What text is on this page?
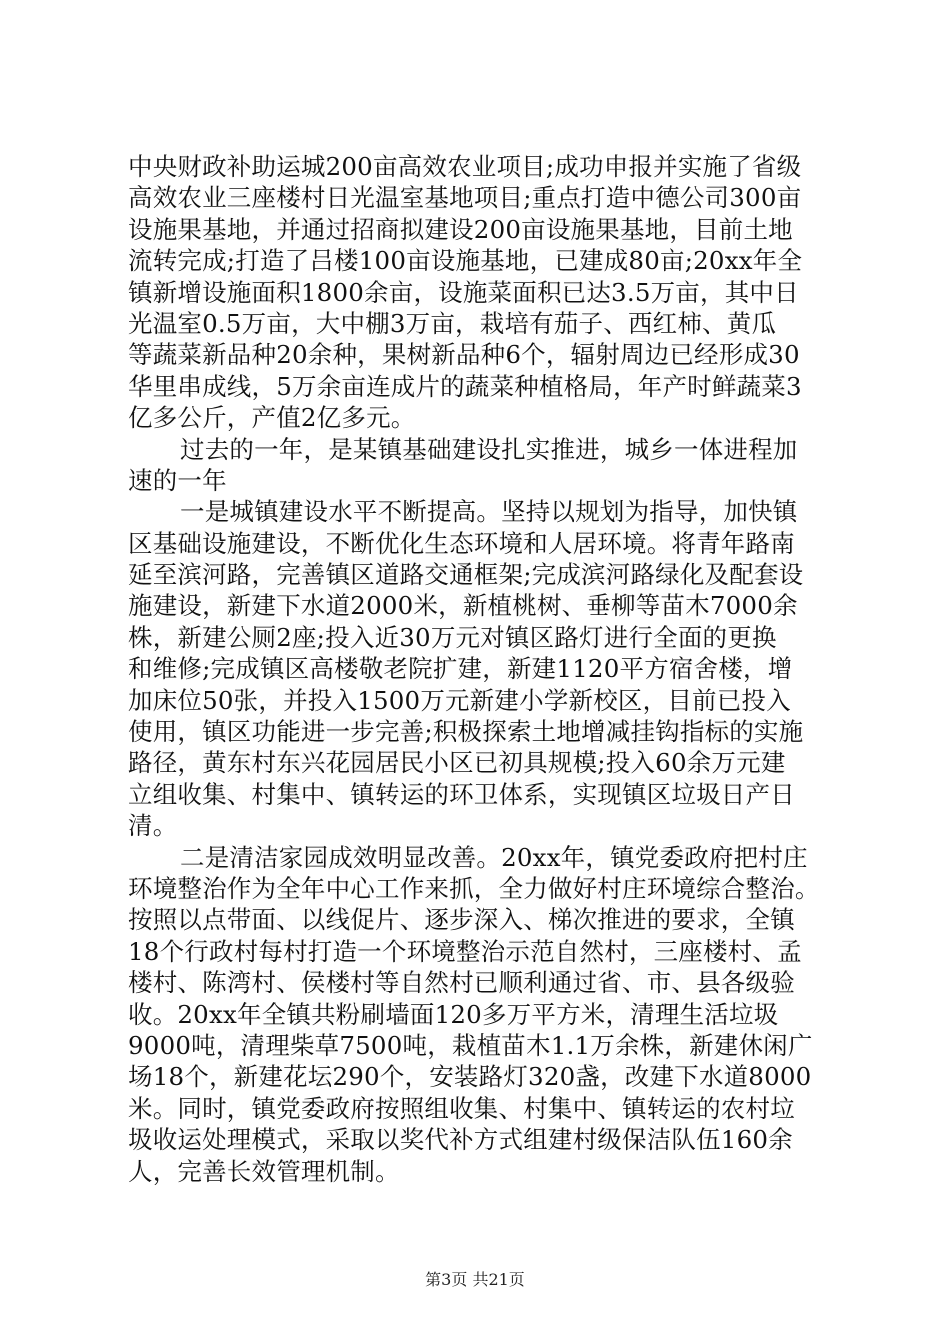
中央财政补助运城200亩高效农业项目;成功申报并实施了省级
高效农业三座楼村日光温室基地项目;重点打造中德公司300亩
设施果基地，并通过招商拟建设200亩设施果基地，目前土地
流转完成;打造了吕楼100亩设施基地，已建成80亩;20xx年全
镇新增设施面积1800余亩，设施菜面积已达3.5万亩，其中日
光温室0.5万亩，大中棚3万亩，栽培有茄子、西红柿、黄瓜
等蔬菜新品种20余种，果树新品种6个，辐射周边已经形成30
华里串成线，5万余亩连成片的蔬菜种植格局，年产时鲜蔬菜3
亿多公斤，产值2亿多元。
过去的一年，是某镇基础建设扎实推进，城乡一体进程加
速的一年
一是城镇建设水平不断提高。坚持以规划为指导，加快镇
区基础设施建设，不断优化生态环境和人居环境。将青年路南
延至滨河路，完善镇区道路交通框架;完成滨河路绿化及配套设
施建设，新建下水道2000米，新植桃树、垂柳等苗木7000余
株，新建公厕2座;投入近30万元对镇区路灯进行全面的更换
和维修;完成镇区高楼敬老院扩建，新建1120平方宿舍楼，增
加床位50张，并投入1500万元新建小学新校区，目前已投入
使用，镇区功能进一步完善;积极探索土地增减挂钩指标的实施
路径，黄东村东兴花园居民小区已初具规模;投入60余万元建
立组收集、村集中、镇转运的环卫体系，实现镇区垃圾日产日
清。
二是清洁家园成效明显改善。20xx年，镇党委政府把村庄
环境整治作为全年中心工作来抓，全力做好村庄环境综合整治。
按照以点带面、以线促片、逐步深入、梯次推进的要求，全镇
18个行政村每村打造一个环境整治示范自然村，三座楼村、孟
楼村、陈湾村、侯楼村等自然村已顺利通过省、市、县各级验
收。20xx年全镇共粉刷墙面120多万平方米，清理生活垃圾
9000吨，清理柴草7500吨，栽植苗木1.1万余株，新建休闲广
场18个，新建花坛290个，安装路灯320盏，改建下水道8000
米。同时，镇党委政府按照组收集、村集中、镇转运的农村垃
圾收运处理模式，采取以奖代补方式组建村级保洁队伍160余
人，完善长效管理机制。
第3页 共21页
